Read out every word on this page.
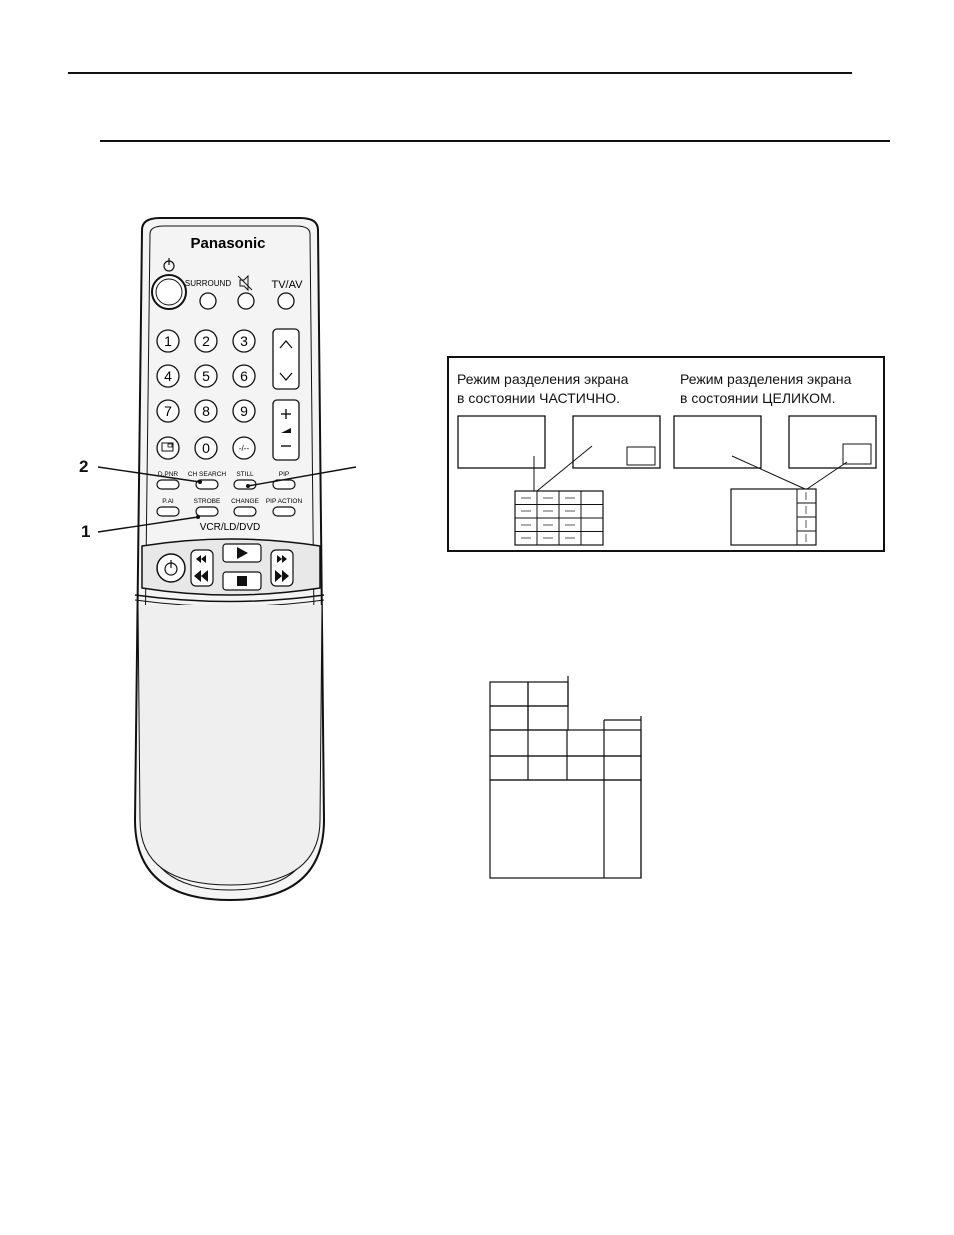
Panasonic
SURROUND	TV/AV
1 2 3
4 5 6
7 8 9
0	-/--
D.PNR CH SEARCH STILL	PIP
P.AI	STROBE CHANGE PIP ACTION
VCR/LD/DVD
2
1
Режим разделения экрана
в состоянии ЧАСТИЧНО.
Режим разделения экрана
в состоянии ЦЕЛИКОМ.
